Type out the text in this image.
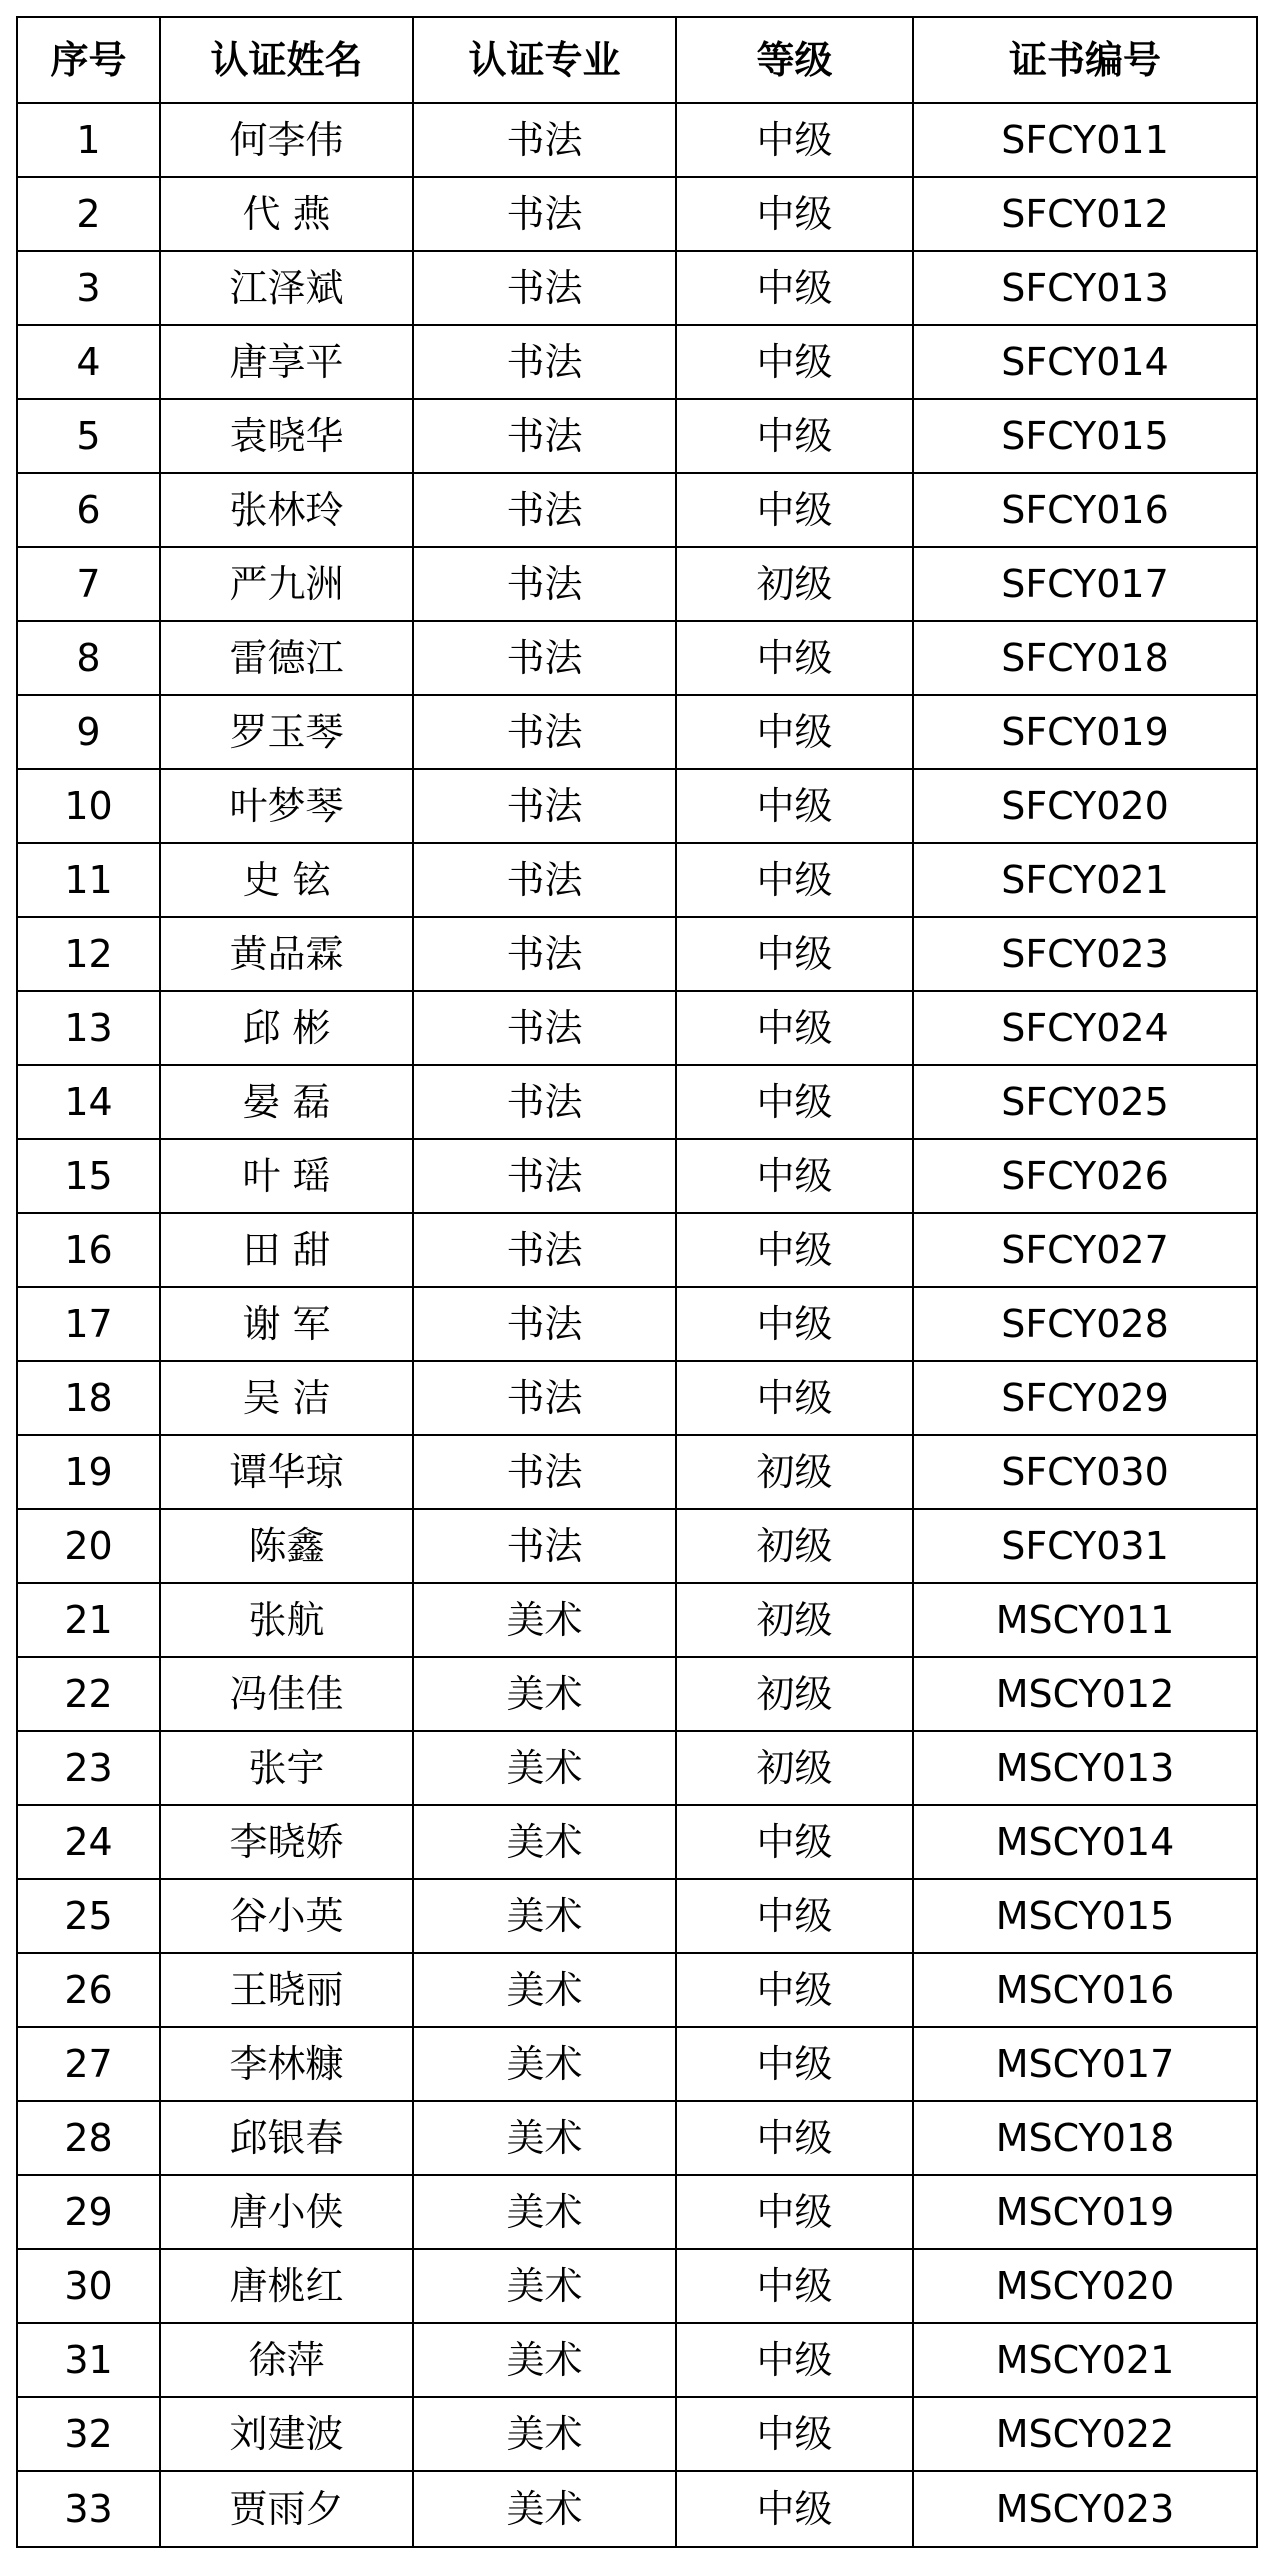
序号	认证姓名	认证专业	等级	证书编号
1	何李伟	书法	中级	SFCY011
2	代 燕	书法	中级	SFCY012
3	江泽斌	书法	中级	SFCY013
4	唐享平	书法	中级	SFCY014
5	袁晓华	书法	中级	SFCY015
6	张林玲	书法	中级	SFCY016
7	严九洲	书法	初级	SFCY017
8	雷德江	书法	中级	SFCY018
9	罗玉琴	书法	中级	SFCY019
10	叶梦琴	书法	中级	SFCY020
11	史 铉	书法	中级	SFCY021
12	黄品霖	书法	中级	SFCY023
13	邱 彬	书法	中级	SFCY024
14	晏 磊	书法	中级	SFCY025
15	叶 瑶	书法	中级	SFCY026
16	田 甜	书法	中级	SFCY027
17	谢 军	书法	中级	SFCY028
18	吴 洁	书法	中级	SFCY029
19	谭华琼	书法	初级	SFCY030
20	陈鑫	书法	初级	SFCY031
21	张航	美术	初级	MSCY011
22	冯佳佳	美术	初级	MSCY012
23	张宇	美术	初级	MSCY013
24	李晓娇	美术	中级	MSCY014
25	谷小英	美术	中级	MSCY015
26	王晓丽	美术	中级	MSCY016
27	李林糠	美术	中级	MSCY017
28	邱银春	美术	中级	MSCY018
29	唐小侠	美术	中级	MSCY019
30	唐桃红	美术	中级	MSCY020
31	徐萍	美术	中级	MSCY021
32	刘建波	美术	中级	MSCY022
33	贾雨夕	美术	中级	MSCY023
